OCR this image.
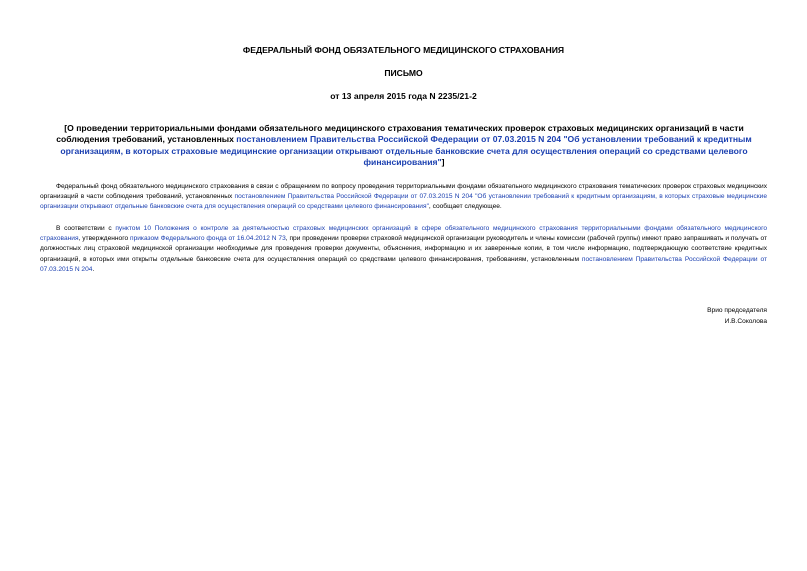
ФЕДЕРАЛЬНЫЙ ФОНД ОБЯЗАТЕЛЬНОГО МЕДИЦИНСКОГО СТРАХОВАНИЯ

ПИСЬМО

от 13 апреля 2015 года N 2235/21-2

[О проведении территориальными фондами обязательного медицинского страхования тематических проверок страховых медицинских организаций в части соблюдения требований, установленных постановлением Правительства Российской Федерации от 07.03.2015 N 204 "Об установлении требований к кредитным организациям, в которых страховые медицинские организации открывают отдельные банковские счета для осуществления операций со средствами целевого финансирования"]

Федеральный фонд обязательного медицинского страхования в связи с обращением по вопросу проведения территориальными фондами обязательного медицинского страхования тематических проверок страховых медицинских организаций в части соблюдения требований, установленных постановлением Правительства Российской Федерации от 07.03.2015 N 204 "Об установлении требований к кредитным организациям, в которых страховые медицинские организации открывают отдельные банковские счета для осуществления операций со средствами целевого финансирования", сообщает следующее.

В соответствии с пунктом 10 Положения о контроле за деятельностью страховых медицинских организаций в сфере обязательного медицинского страхования территориальными фондами обязательного медицинского страхования, утвержденного приказом Федерального фонда от 16.04.2012 N 73, при проведении проверки страховой медицинской организации руководитель и члены комиссии (рабочей группы) имеют право запрашивать и получать от должностных лиц страховой медицинской организации необходимые для проведения проверки документы, объяснения, информацию и их заверенные копии, в том числе информацию, подтверждающую соответствие кредитных организаций, в которых ими открыты отдельные банковские счета для осуществления операций со средствами целевого финансирования, требованиям, установленным постановлением Правительства Российской Федерации от 07.03.2015 N 204.

Врио председателя

И.В.Соколова
